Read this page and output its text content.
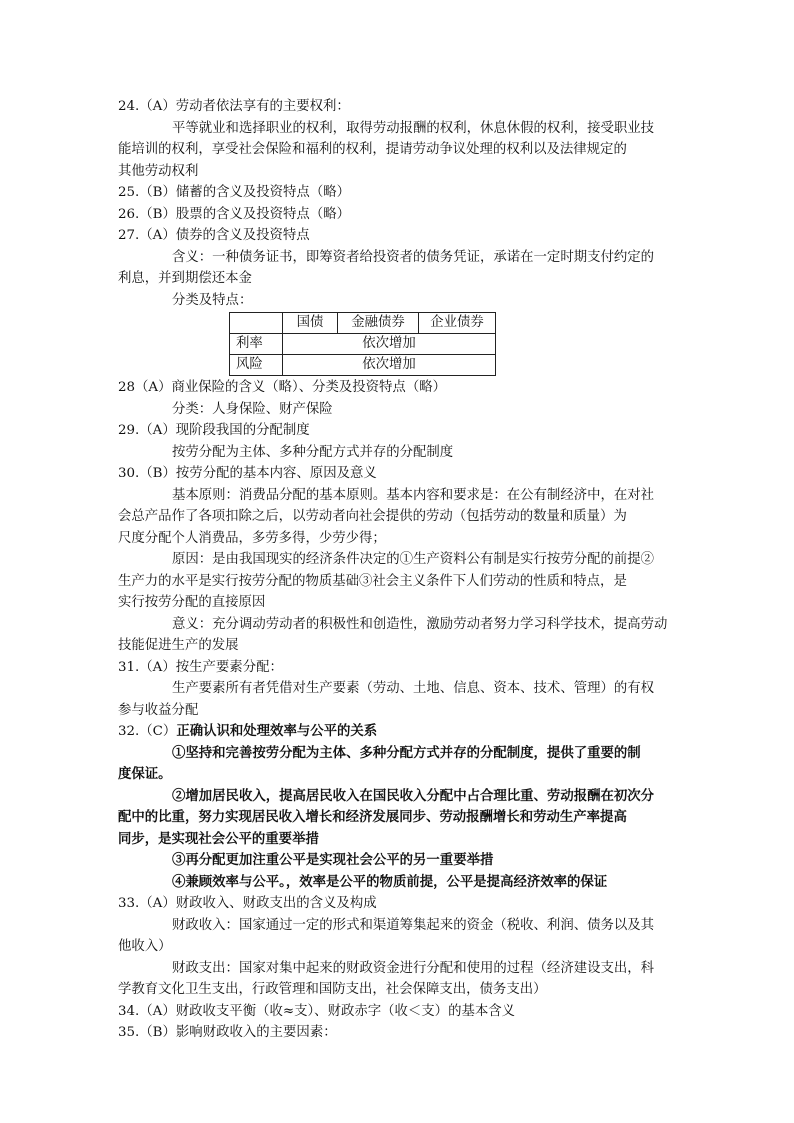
24.（A）劳动者依法享有的主要权利：
平等就业和选择职业的权利，取得劳动报酬的权利，休息休假的权利，接受职业技
能培训的权利，享受社会保险和福利的权利，提请劳动争议处理的权利以及法律规定的
其他劳动权利
25.（B）储蓄的含义及投资特点（略）
26.（B）股票的含义及投资特点（略）
27.（A）债券的含义及投资特点
含义：一种债务证书，即筹资者给投资者的债务凭证，承诺在一定时期支付约定的
利息，并到期偿还本金
分类及特点：
	国债	金融债券	企业债券
利率	依次增加		
风险	依次增加		
28（A）商业保险的含义（略）、分类及投资特点（略）
分类：人身保险、财产保险
29.（A）现阶段我国的分配制度
按劳分配为主体、多种分配方式并存的分配制度
30.（B）按劳分配的基本内容、原因及意义
基本原则：消费品分配的基本原则。基本内容和要求是：在公有制经济中，在对社
会总产品作了各项扣除之后，以劳动者向社会提供的劳动（包括劳动的数量和质量）为
尺度分配个人消费品，多劳多得，少劳少得；
原因：是由我国现实的经济条件决定的①生产资料公有制是实行按劳分配的前提②
生产力的水平是实行按劳分配的物质基础③社会主义条件下人们劳动的性质和特点，是
实行按劳分配的直接原因
意义：充分调动劳动者的积极性和创造性，激励劳动者努力学习科学技术，提高劳动
技能促进生产的发展
31.（A）按生产要素分配：
生产要素所有者凭借对生产要素（劳动、土地、信息、资本、技术、管理）的有权
参与收益分配
32.（C）正确认识和处理效率与公平的关系
①坚持和完善按劳分配为主体、多种分配方式并存的分配制度，提供了重要的制
度保证。
②增加居民收入，提高居民收入在国民收入分配中占合理比重、劳动报酬在初次分
配中的比重，努力实现居民收入增长和经济发展同步、劳动报酬增长和劳动生产率提高
同步，是实现社会公平的重要举措
③再分配更加注重公平是实现社会公平的另一重要举措
④兼顾效率与公平。，效率是公平的物质前提，公平是提高经济效率的保证
33.（A）财政收入、财政支出的含义及构成
财政收入：国家通过一定的形式和渠道筹集起来的资金（税收、利润、债务以及其
他收入）
财政支出：国家对集中起来的财政资金进行分配和使用的过程（经济建设支出，科
学教育文化卫生支出，行政管理和国防支出，社会保障支出，债务支出）
34.（A）财政收支平衡（收≈支）、财政赤字（收＜支）的基本含义
35.（B）影响财政收入的主要因素：
